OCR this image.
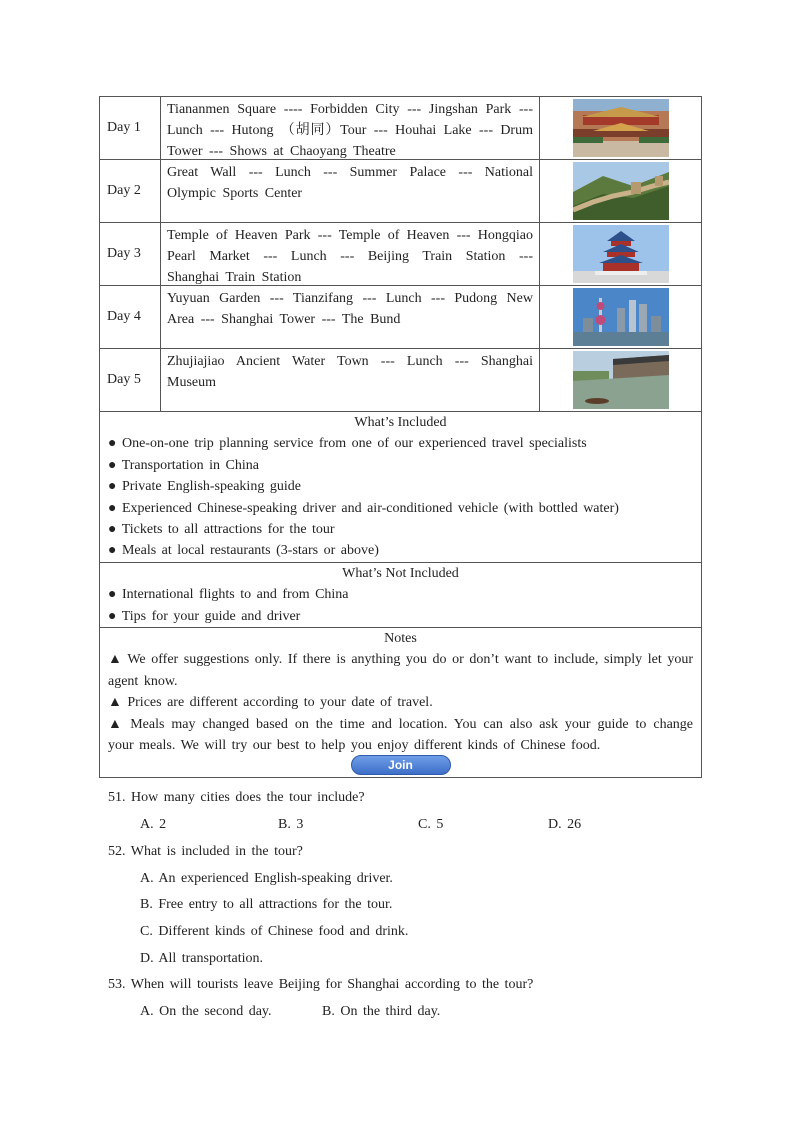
Day 1
Tiananmen Square ---- Forbidden City --- Jingshan Park --- Lunch --- Hutong （胡同）Tour --- Houhai Lake --- Drum Tower --- Shows at Chaoyang Theatre
Day 2
Great Wall --- Lunch --- Summer Palace --- National Olympic Sports Center
Day 3
Temple of Heaven Park --- Temple of Heaven --- Hongqiao Pearl Market --- Lunch --- Beijing Train Station --- Shanghai Train Station
Day 4
Yuyuan Garden --- Tianzifang --- Lunch --- Pudong New Area --- Shanghai Tower --- The Bund
Day 5
Zhujiajiao Ancient Water Town --- Lunch --- Shanghai Museum
What’s Included
● One-on-one trip planning service from one of our experienced travel specialists
● Transportation in China
● Private English-speaking guide
● Experienced Chinese-speaking driver and air-conditioned vehicle (with bottled water)
● Tickets to all attractions for the tour
● Meals at local restaurants (3-stars or above)
What’s Not Included
● International flights to and from China
● Tips for your guide and driver
Notes
▲ We offer suggestions only. If there is anything you do or don’t want to include, simply let your agent know.
▲ Prices are different according to your date of travel.
▲ Meals may changed based on the time and location. You can also ask your guide to change your meals. We will try our best to help you enjoy different kinds of Chinese food.
Join
51. How many cities does the tour include?
A. 2	B. 3	C. 5	D. 26
52. What is included in the tour?
A. An experienced English-speaking driver.
B. Free entry to all attractions for the tour.
C. Different kinds of Chinese food and drink.
D. All transportation.
53. When will tourists leave Beijing for Shanghai according to the tour?
A. On the second day.	B. On the third day.
